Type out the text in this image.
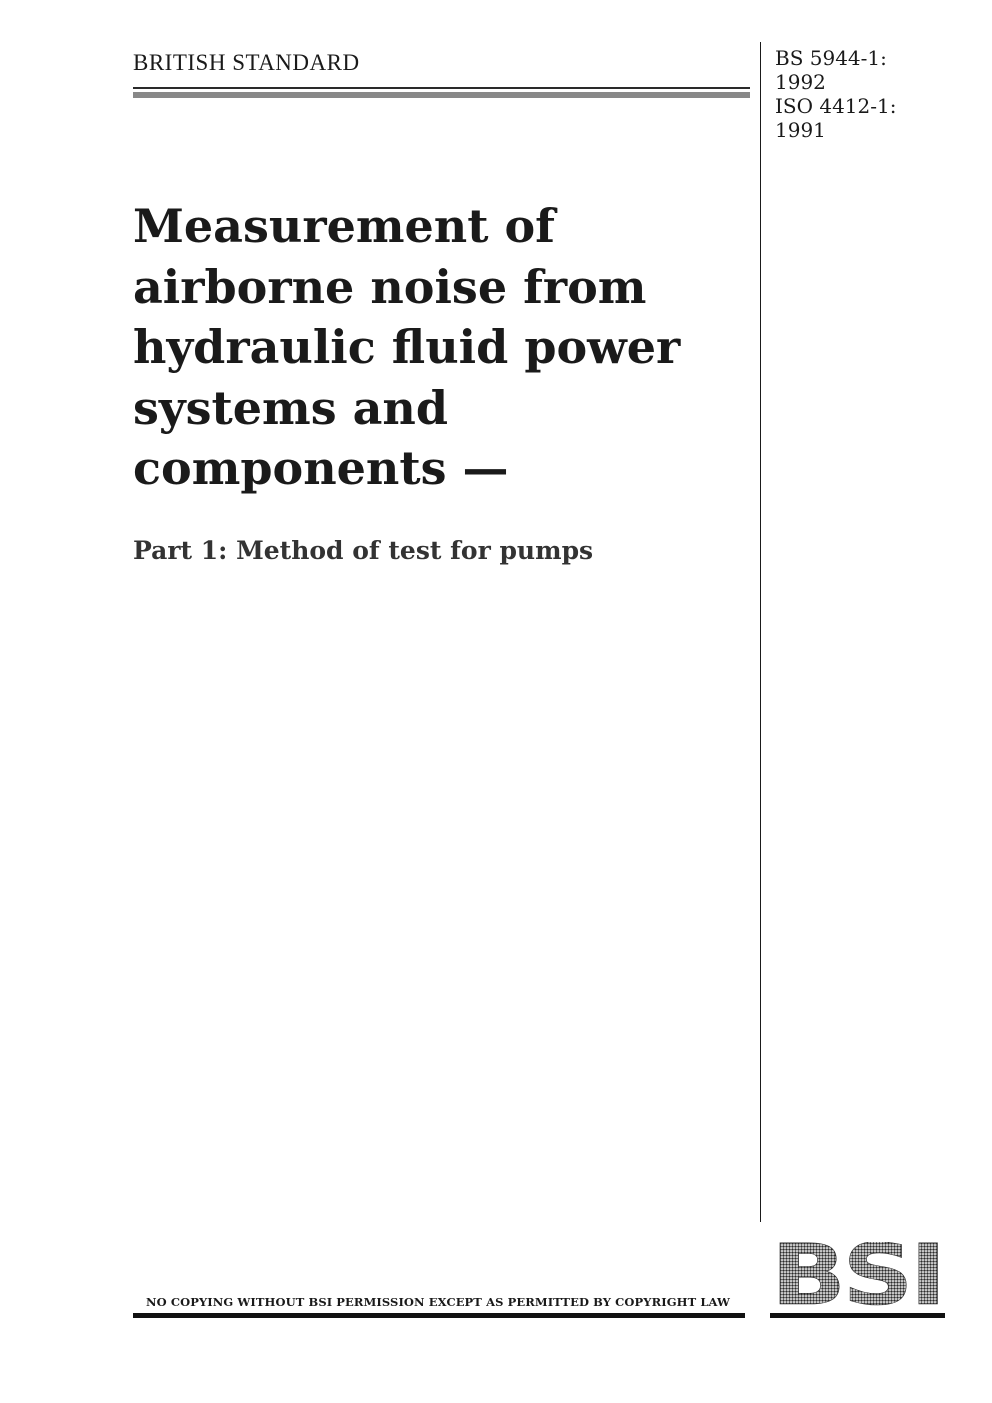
BRITISH STANDARD	BS 5944-1:
1992
ISO 4412-1:
1991
Measurement of
airborne noise from
hydraulic fluid power
systems and
components —
Part 1: Method of test for pumps
NO COPYING WITHOUT BSI PERMISSION EXCEPT AS PERMITTED BY COPYRIGHT LAW BSI
